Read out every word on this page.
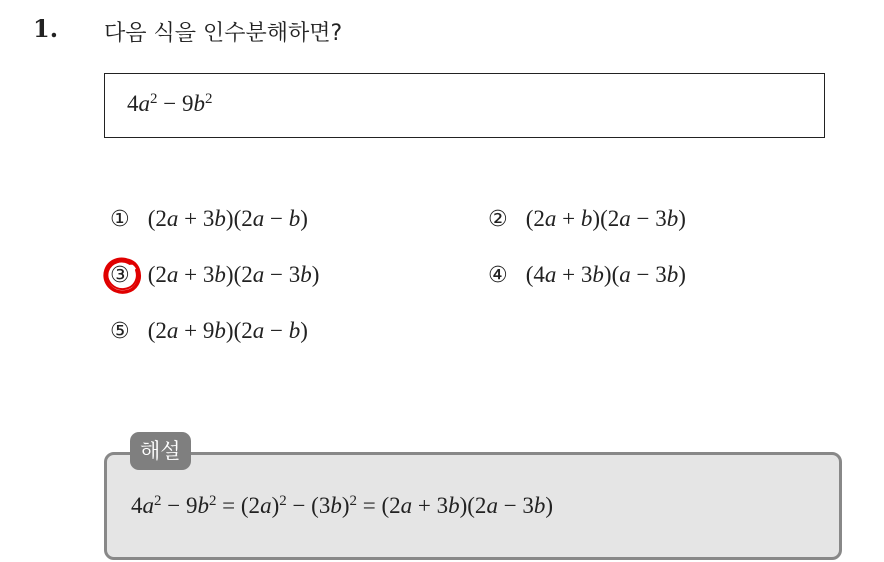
1. 다음 식을 인수분해하면?
$4a^2 - 9b^2$
① (2a + 3b)(2a − b)	② (2a + b)(2a − 3b)
③ (2a + 3b)(2a − 3b)	④ (4a + 3b)(a − 3b)
⑤ (2a + 9b)(2a − b)
$4a^2 - 9b^2 = (2a)^2 - (3b)^2 = (2a + 3b)(2a - 3b)$
해설
